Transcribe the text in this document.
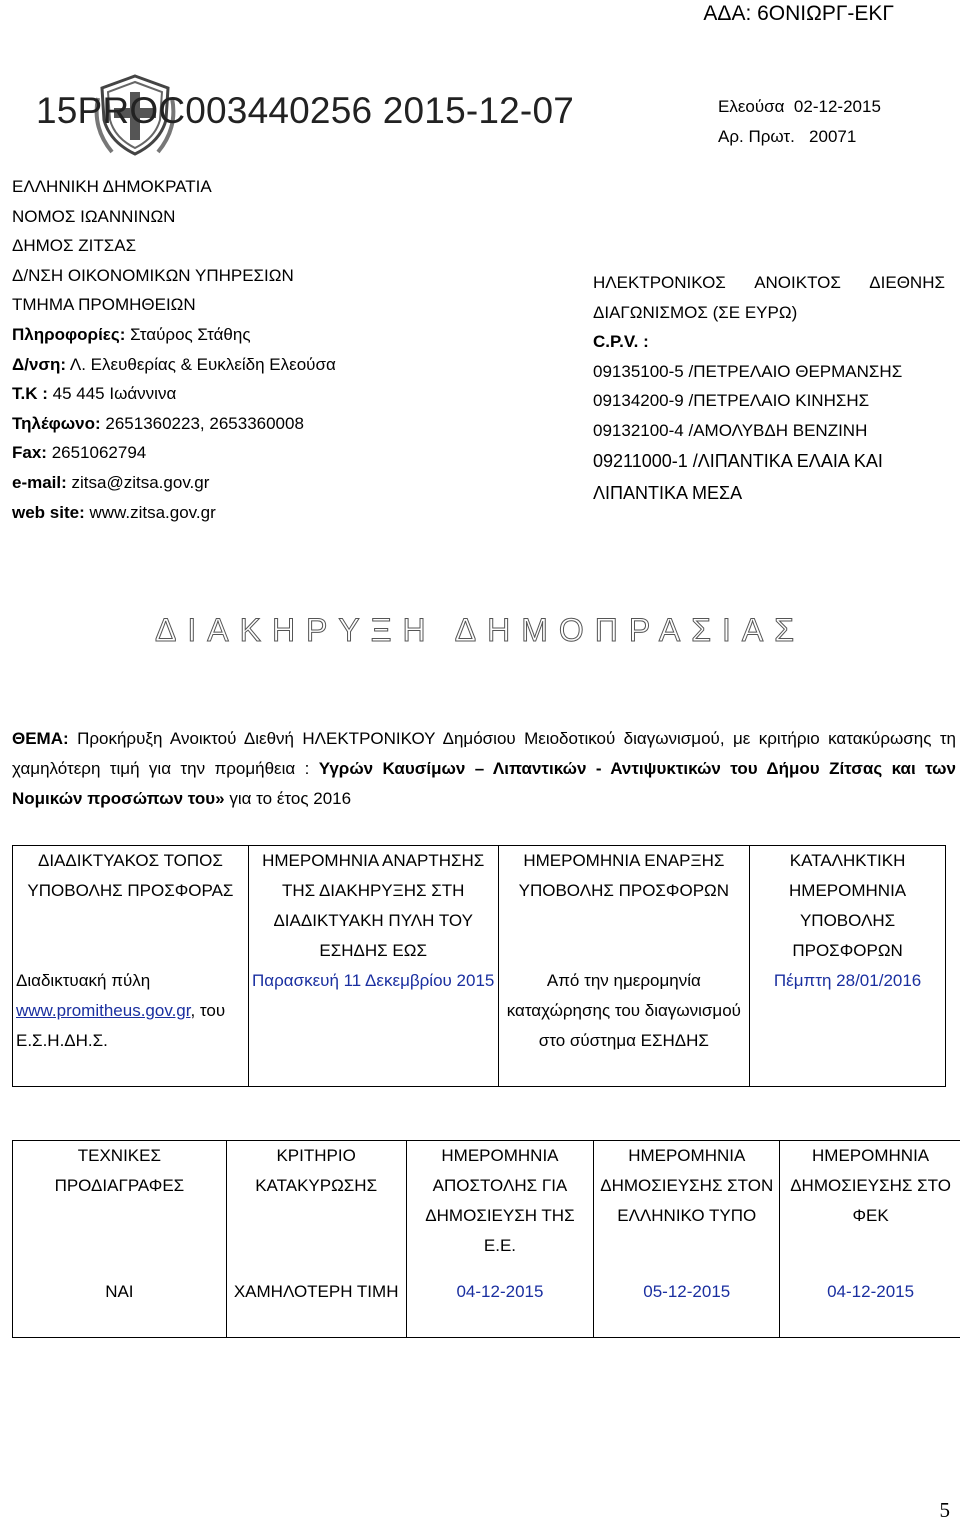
ΑΔΑ: 6ΟΝΙΩΡΓ-ΕΚΓ
15PROC003440256 2015-12-07	Ελεούσα  02-12-2015
Αρ. Πρωτ.   20071
ΕΛΛΗΝΙΚΗ ΔΗΜΟΚΡΑΤΙΑ
ΝΟΜΟΣ ΙΩΑΝΝΙΝΩΝ
ΔΗΜΟΣ ΖΙΤΣΑΣ
Δ/ΝΣΗ ΟΙΚΟΝΟΜΙΚΩΝ ΥΠΗΡΕΣΙΩΝ
ΤΜΗΜΑ ΠΡΟΜΗΘΕΙΩΝ
Πληροφορίες: Σταύρος Στάθης
Δ/νση: Λ. Ελευθερίας & Ευκλείδη Ελεούσα
Τ.Κ : 45 445 Ιωάννινα
Τηλέφωνο: 2651360223, 2653360008
Fax: 2651062794
e-mail: zitsa@zitsa.gov.gr
web site: www.zitsa.gov.gr
ΗΛΕΚΤΡΟΝΙΚΟΣ ΑΝΟΙΚΤΟΣ ΔΙΕΘΝΗΣ
ΔΙΑΓΩΝΙΣΜΟΣ (ΣΕ ΕΥΡΩ)
C.P.V. :
09135100-5 /ΠΕΤΡΕΛΑΙΟ ΘΕΡΜΑΝΣΗΣ
09134200-9 /ΠΕΤΡΕΛΑΙΟ ΚΙΝΗΣΗΣ
09132100-4 /ΑΜΟΛΥΒΔΗ ΒΕΝΖΙΝΗ
09211000-1 /ΛΙΠΑΝΤΙΚΑ ΕΛΑΙΑ ΚΑΙ
ΛΙΠΑΝΤΙΚΑ ΜΕΣΑ
ΔΙΑΚΗΡΥΞΗ ΔΗΜΟΠΡΑΣΙΑΣ
ΘΕΜΑ: Προκήρυξη Ανοικτού Διεθνή ΗΛΕΚΤΡΟΝΙΚΟΥ Δημόσιου Μειοδοτικού διαγωνισμού, με κριτήριο κατακύρωσης τη χαμηλότερη τιμή για την προμήθεια : Υγρών Καυσίμων – Λιπαντικών - Αντιψυκτικών του Δήμου Ζίτσας και των Νομικών προσώπων του» για το έτος 2016
ΔΙΑΔΙΚΤΥΑΚΟΣ ΤΟΠΟΣ ΥΠΟΒΟΛΗΣ ΠΡΟΣΦΟΡΑΣ	ΗΜΕΡΟΜΗΝΙΑ ΑΝΑΡΤΗΣΗΣ ΤΗΣ ΔΙΑΚΗΡΥΞΗΣ ΣΤΗ ΔΙΑΔΙΚΤΥΑΚΗ ΠΥΛΗ ΤΟΥ ΕΣΗΔΗΣ ΕΩΣ	ΗΜΕΡΟΜΗΝΙΑ ΕΝΑΡΞΗΣ ΥΠΟΒΟΛΗΣ ΠΡΟΣΦΟΡΩΝ	ΚΑΤΑΛΗΚΤΙΚΗ ΗΜΕΡΟΜΗΝΙΑ ΥΠΟΒΟΛΗΣ ΠΡΟΣΦΟΡΩΝ
Διαδικτυακή πύλη
www.promitheus.gov.gr, του Ε.Σ.Η.ΔΗ.Σ.	Παρασκευή 11 Δεκεμβρίου 2015	Από την ημερομηνία καταχώρησης του διαγωνισμού στο σύστημα ΕΣΗΔΗΣ	Πέμπτη 28/01/2016
ΤΕΧΝΙΚΕΣ ΠΡΟΔΙΑΓΡΑΦΕΣ	ΚΡΙΤΗΡΙΟ ΚΑΤΑΚΥΡΩΣΗΣ	ΗΜΕΡΟΜΗΝΙΑ ΑΠΟΣΤΟΛΗΣ ΓΙΑ ΔΗΜΟΣΙΕΥΣΗ ΤΗΣ Ε.Ε.	ΗΜΕΡΟΜΗΝΙΑ ΔΗΜΟΣΙΕΥΣΗΣ ΣΤΟΝ ΕΛΛΗΝΙΚΟ ΤΥΠΟ	ΗΜΕΡΟΜΗΝΙΑ ΔΗΜΟΣΙΕΥΣΗΣ ΣΤΟ ΦΕΚ
ΝΑΙ	ΧΑΜΗΛΟΤΕΡΗ ΤΙΜΗ	04-12-2015	05-12-2015	04-12-2015
5
